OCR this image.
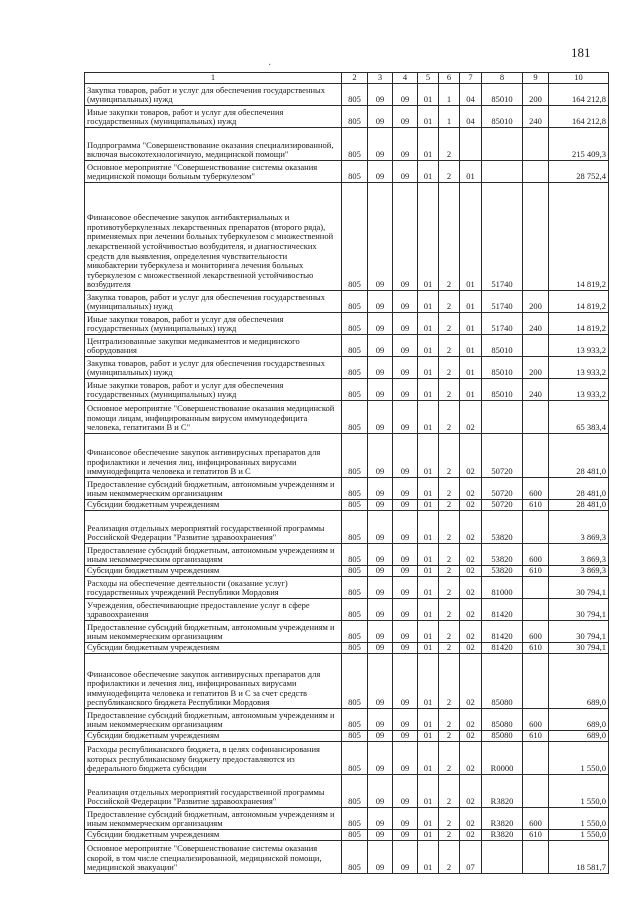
181
·
1	2	3	4	5	6	7	8	9	10
Закупка товаров, работ и услуг для обеспечения государственных (муниципальных) нужд	805	09	09	01	1	04	85010	200	164 212,8
Иные закупки товаров, работ и услуг для обеспечения государственных (муниципальных) нужд	805	09	09	01	1	04	85010	240	164 212,8
Подпрограмма "Совершенствование оказания специализированной, включая высокотехнологичную, медицинской помощи"	805	09	09	01	2				215 409,3
Основное мероприятие "Совершенствование системы оказания медицинской помощи больным туберкулезом"	805	09	09	01	2	01			28 752,4
Финансовое обеспечение закупок антибактериальных и противотуберкулезных лекарственных препаратов (второго ряда), применяемых при лечении больных туберкулезом с множественной лекарственной устойчивостью возбудителя, и диагностических средств для выявления, определения чувствительности микобактерии туберкулеза и мониторинга лечения больных туберкулезом с множественной лекарственной устойчивостью возбудителя	805	09	09	01	2	01	51740		14 819,2
Закупка товаров, работ и услуг для обеспечения государственных (муниципальных) нужд	805	09	09	01	2	01	51740	200	14 819,2
Иные закупки товаров, работ и услуг для обеспечения государственных (муниципальных) нужд	805	09	09	01	2	01	51740	240	14 819,2
Централизованные закупки медикаментов и медицинского оборудования	805	09	09	01	2	01	85010		13 933,2
Закупка товаров, работ и услуг для обеспечения государственных (муниципальных) нужд	805	09	09	01	2	01	85010	200	13 933,2
Иные закупки товаров, работ и услуг для обеспечения государственных (муниципальных) нужд	805	09	09	01	2	01	85010	240	13 933,2
Основное мероприятие "Совершенствование оказания медицинской помощи лицам, инфицированным вирусом иммунодефицита человека, гепатитами В и С"	805	09	09	01	2	02			65 383,4
Финансовое обеспечение закупок антивирусных препаратов для профилактики и лечения лиц, инфицированных вирусами иммунодефицита человека и гепатитов В и С	805	09	09	01	2	02	50720		28 481,0
Предоставление субсидий бюджетным, автономным учреждениям и иным некоммерческим организациям	805	09	09	01	2	02	50720	600	28 481,0
Субсидии бюджетным учреждениям	805	09	09	01	2	02	50720	610	28 481,0
Реализация отдельных мероприятий государственной программы Российской Федерации "Развитие здравоохранения"	805	09	09	01	2	02	53820		3 869,3
Предоставление субсидий бюджетным, автономным учреждениям и иным некоммерческим организациям	805	09	09	01	2	02	53820	600	3 869,3
Субсидии бюджетным учреждениям	805	09	09	01	2	02	53820	610	3 869,3
Расходы на обеспечение деятельности (оказание услуг) государственных учреждений Республики Мордовия	805	09	09	01	2	02	81000		30 794,1
Учреждения, обеспечивающие предоставление услуг в сфере здравоохранения	805	09	09	01	2	02	81420		30 794,1
Предоставление субсидий бюджетным, автономным учреждениям и иным некоммерческим организациям	805	09	09	01	2	02	81420	600	30 794,1
Субсидии бюджетным учреждениям	805	09	09	01	2	02	81420	610	30 794,1
Финансовое обеспечение закупок антивирусных препаратов для профилактики и лечения лиц, инфицированных вирусами иммунодефицита человека и гепатитов В и С за счет средств республиканского бюджета Республики Мордовия	805	09	09	01	2	02	85080		689,0
Предоставление субсидий бюджетным, автономным учреждениям и иным некоммерческим организациям	805	09	09	01	2	02	85080	600	689,0
Субсидии бюджетным учреждениям	805	09	09	01	2	02	85080	610	689,0
Расходы республиканского бюджета, в целях софинансирования которых республиканскому бюджету предоставляются из федерального бюджета субсидии	805	09	09	01	2	02	R0000		1 550,0
Реализация отдельных мероприятий государственной программы Российской Федерации "Развитие здравоохранения"	805	09	09	01	2	02	R3820		1 550,0
Предоставление субсидий бюджетным, автономным учреждениям и иным некоммерческим организациям	805	09	09	01	2	02	R3820	600	1 550,0
Субсидии бюджетным учреждениям	805	09	09	01	2	02	R3820	610	1 550,0
Основное мероприятие "Совершенствование системы оказания скорой, в том числе специализированной, медицинской помощи, медицинской эвакуации"	805	09	09	01	2	07			18 581,7
